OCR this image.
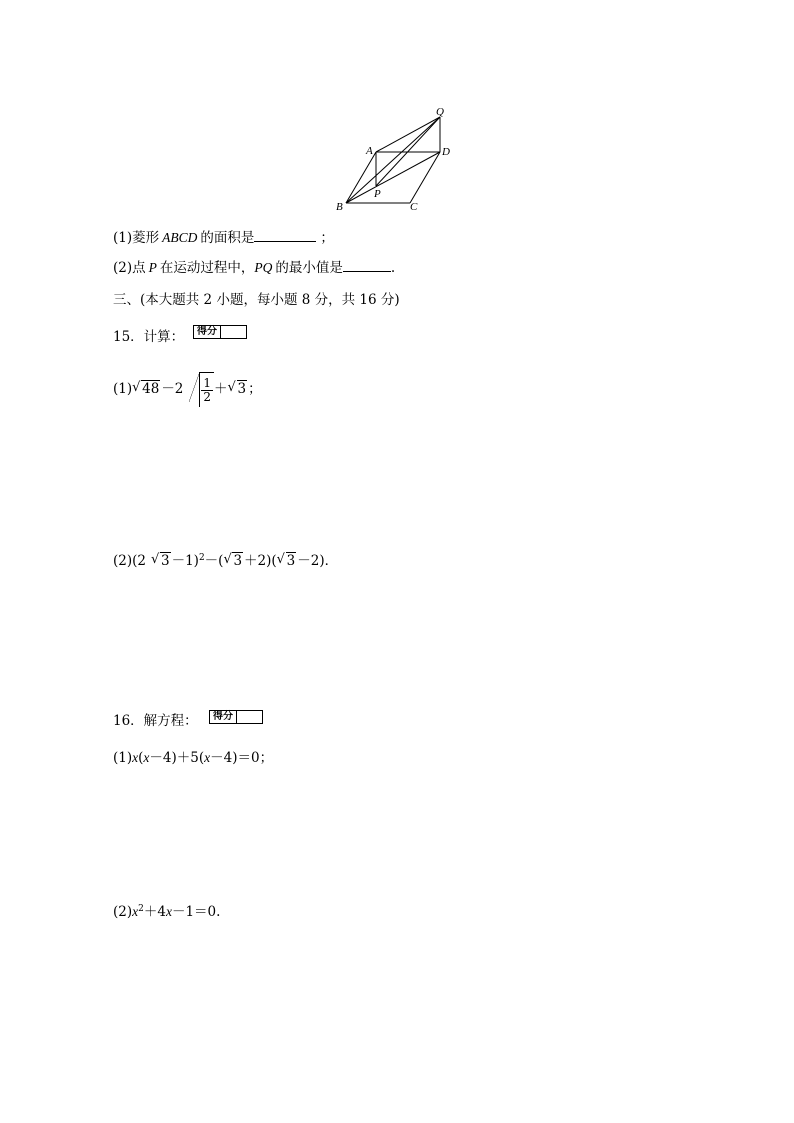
Q
A	D
P
B	C
(1)菱形 ABCD 的面积是	；
(2)点 P 在运动过程中，PQ 的最小值是	.
三、(本大题共 2 小题，每小题 8 分，共 16 分)
15．计算：	得分
(1) √ $48 -2 \frac{1}{2}$ ＋ √ 3 ；
(2)(2 √ 3 －1)$^2$－( √ 3 ＋2)( √ 3 －2)．
16．解方程：	得分
(1)x(x－4)＋5(x－4)＝0；
$(2)x^2+4x-1=0$.
